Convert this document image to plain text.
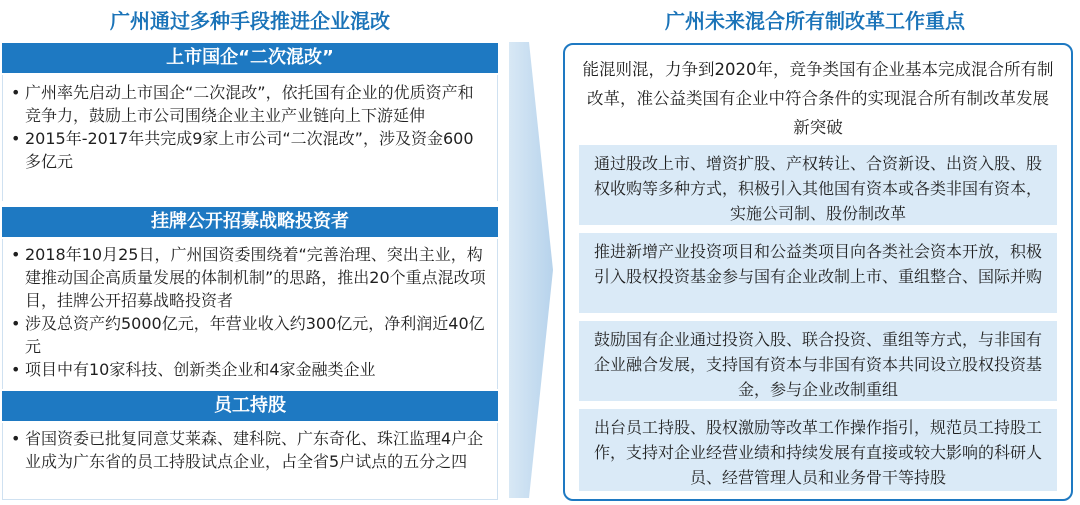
广州通过多种手段推进企业混改	广州未来混合所有制改革工作重点
上市国企“二次混改”
• 广州率先启动上市国企“二次混改”，依托国有企业的优质资产和竞争力，鼓励上市公司围绕企业主业产业链向上下游延伸
• 2015年-2017年共完成9家上市公司“二次混改”，涉及资金600多亿元
挂牌公开招募战略投资者
• 2018年10月25日，广州国资委围绕着“完善治理、突出主业，构建推动国企高质量发展的体制机制”的思路，推出20个重点混改项目，挂牌公开招募战略投资者
• 涉及总资产约5000亿元，年营业收入约300亿元，净利润近40亿元
• 项目中有10家科技、创新类企业和4家金融类企业
员工持股
• 省国资委已批复同意艾莱森、建科院、广东奇化、珠江监理4户企业成为广东省的员工持股试点企业，占全省5户试点的五分之四
能混则混，力争到2020年，竞争类国有企业基本完成混合所有制改革，准公益类国有企业中符合条件的实现混合所有制改革发展新突破
通过股改上市、增资扩股、产权转让、合资新设、出资入股、股权收购等多种方式，积极引入其他国有资本或各类非国有资本，实施公司制、股份制改革
推进新增产业投资项目和公益类项目向各类社会资本开放，积极引入股权投资基金参与国有企业改制上市、重组整合、国际并购
鼓励国有企业通过投资入股、联合投资、重组等方式，与非国有企业融合发展，支持国有资本与非国有资本共同设立股权投资基金，参与企业改制重组
出台员工持股、股权激励等改革工作操作指引，规范员工持股工作，支持对企业经营业绩和持续发展有直接或较大影响的科研人员、经营管理人员和业务骨干等持股
